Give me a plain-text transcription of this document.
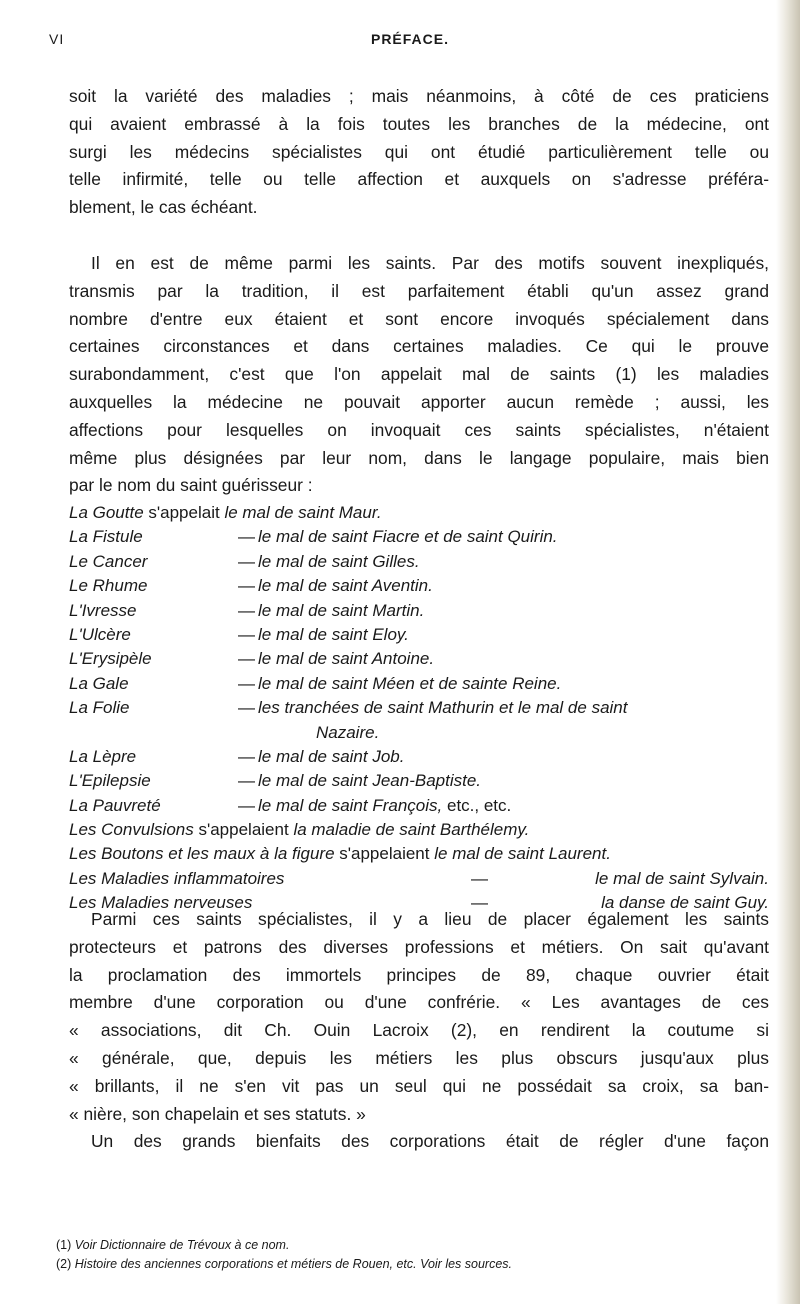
VI	PRÉFACE.
soit la variété des maladies ; mais néanmoins, à côté de ces praticiens
qui avaient embrassé à la fois toutes les branches de la médecine, ont
surgi les médecins spécialistes qui ont étudié particulièrement telle ou
telle infirmité, telle ou telle affection et auxquels on s'adresse préféra-
blement, le cas échéant.
Il en est de même parmi les saints. Par des motifs souvent inexpliqués,
transmis par la tradition, il est parfaitement établi qu'un assez grand
nombre d'entre eux étaient et sont encore invoqués spécialement dans
certaines circonstances et dans certaines maladies. Ce qui le prouve
surabondamment, c'est que l'on appelait mal de saints (1) les maladies
auxquelles la médecine ne pouvait apporter aucun remède ; aussi, les
affections pour lesquelles on invoquait ces saints spécialistes, n'étaient
même plus désignées par leur nom, dans le langage populaire, mais bien
par le nom du saint guérisseur :
La Goutte s'appelait le mal de saint Maur.
La Fistule	— le mal de saint Fiacre et de saint Quirin.
Le Cancer	— le mal de saint Gilles.
Le Rhume	— le mal de saint Aventin.
L'Ivresse	— le mal de saint Martin.
L'Ulcère	— le mal de saint Eloy.
L'Erysipèle	— le mal de saint Antoine.
La Gale	— le mal de saint Méen et de sainte Reine.
La Folie	— les tranchées de saint Mathurin et le mal de saint
Nazaire.
La Lèpre	— le mal de saint Job.
L'Epilepsie	— le mal de saint Jean-Baptiste.
La Pauvreté	— le mal de saint François, etc., etc.
Les Convulsions s'appelaient la maladie de saint Barthélemy.
Les Boutons et les maux à la figure s'appelaient le mal de saint Laurent.
Les Maladies inflammatoires	—	le mal de saint Sylvain.
Les Maladies nerveuses	—	la danse de saint Guy.
Parmi ces saints spécialistes, il y a lieu de placer également les saints
protecteurs et patrons des diverses professions et métiers. On sait qu'avant
la proclamation des immortels principes de 89, chaque ouvrier était
membre d'une corporation ou d'une confrérie. « Les avantages de ces
« associations, dit Ch. Ouin Lacroix (2), en rendirent la coutume si
« générale, que, depuis les métiers les plus obscurs jusqu'aux plus
« brillants, il ne s'en vit pas un seul qui ne possédait sa croix, sa ban-
« nière, son chapelain et ses statuts. »
Un des grands bienfaits des corporations était de régler d'une façon
(1) Voir Dictionnaire de Trévoux à ce nom.
(2) Histoire des anciennes corporations et métiers de Rouen, etc. Voir les sources.
